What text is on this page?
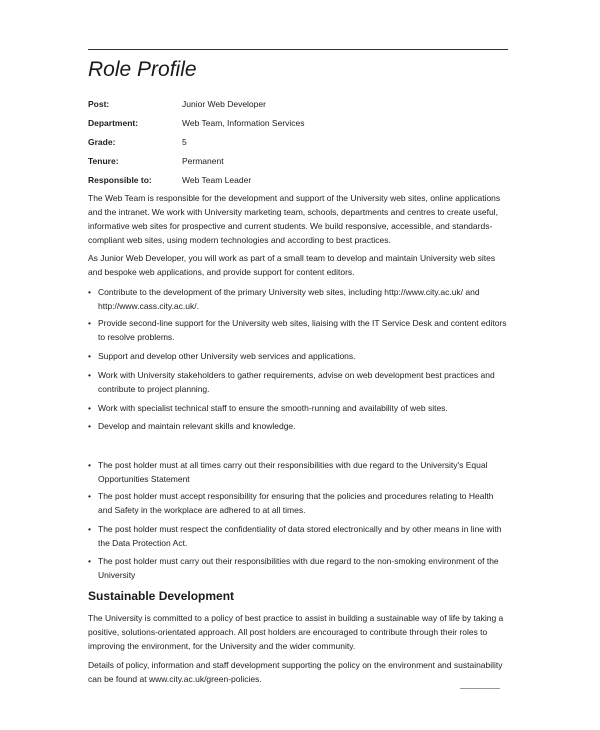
Role Profile
Post:	Junior Web Developer
Department:	Web Team, Information Services
Grade:	5
Tenure:	Permanent
Responsible to:	Web Team Leader
The Web Team is responsible for the development and support of the University web sites, online applications and the intranet. We work with University marketing team, schools, departments and centres to create useful, informative web sites for prospective and current students. We build responsive, accessible, and standards-compliant web sites, using modern technologies and according to best practices.
As Junior Web Developer, you will work as part of a small team to develop and maintain University web sites and bespoke web applications, and provide support for content editors.
• Contribute to the development of the primary University web sites, including http://www.city.ac.uk/ and http://www.cass.city.ac.uk/.
• Provide second-line support for the University web sites, liaising with the IT Service Desk and content editors to resolve problems.
• Support and develop other University web services and applications.
• Work with University stakeholders to gather requirements, advise on web development best practices and contribute to project planning.
• Work with specialist technical staff to ensure the smooth-running and availability of web sites.
• Develop and maintain relevant skills and knowledge.
• The post holder must at all times carry out their responsibilities with due regard to the University's Equal Opportunities Statement
• The post holder must accept responsibility for ensuring that the policies and procedures relating to Health and Safety in the workplace are adhered to at all times.
• The post holder must respect the confidentiality of data stored electronically and by other means in line with the Data Protection Act.
• The post holder must carry out their responsibilities with due regard to the non-smoking environment of the University
Sustainable Development
The University is committed to a policy of best practice to assist in building a sustainable way of life by taking a positive, solutions-orientated approach. All post holders are encouraged to contribute through their roles to improving the environment, for the University and the wider community.
Details of policy, information and staff development supporting the policy on the environment and sustainability can be found at www.city.ac.uk/green-policies.
